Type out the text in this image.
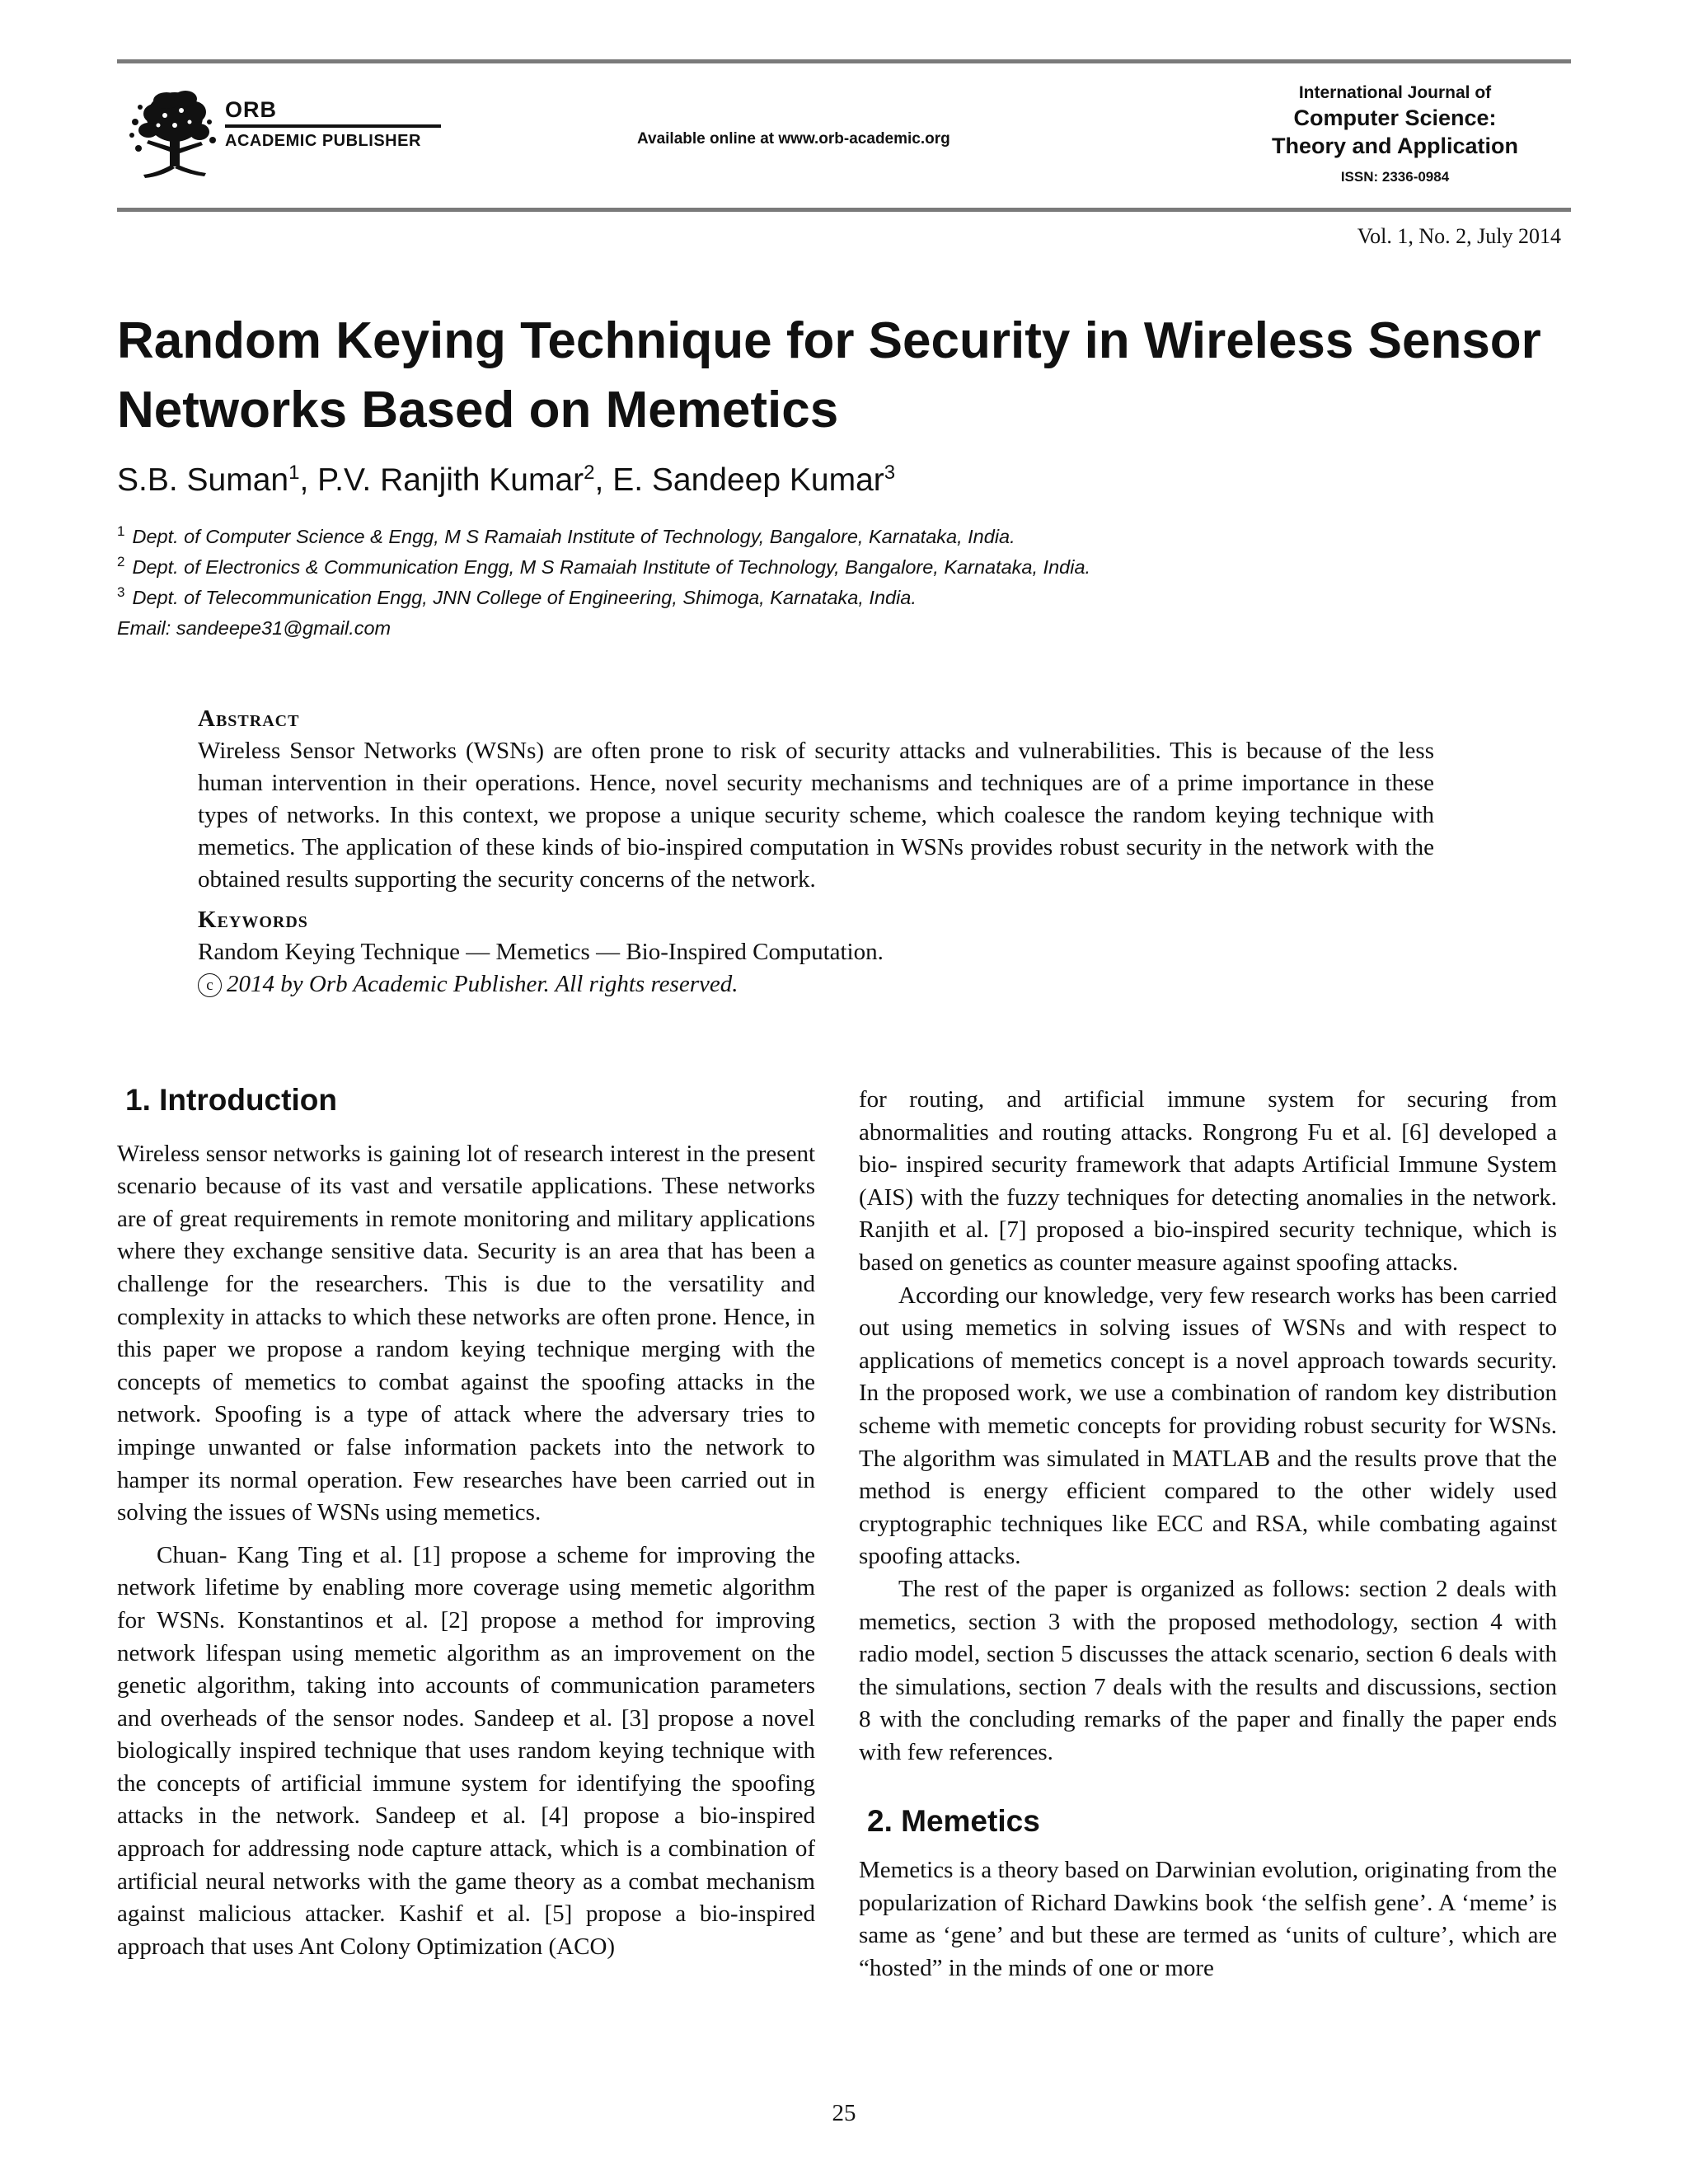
ORB
ACADEMIC PUBLISHER	Available online at www.orb-academic.org
International Journal of
Computer Science:
Theory and Application
ISSN: 2336-0984
Vol. 1, No. 2, July 2014
Random Keying Technique for Security in Wireless Sensor Networks Based on Memetics
S.B. Suman$^1$, P.V. Ranjith Kumar$^2$, E. Sandeep Kumar$^3$
$^1$ Dept. of Computer Science & Engg, M S Ramaiah Institute of Technology, Bangalore, Karnataka, India.
$^2$ Dept. of Electronics & Communication Engg, M S Ramaiah Institute of Technology, Bangalore, Karnataka, India.
$^3$ Dept. of Telecommunication Engg, JNN College of Engineering, Shimoga, Karnataka, India.
Email: sandeepe31@gmail.com
Abstract

Wireless Sensor Networks (WSNs) are often prone to risk of security attacks and vulnerabilities. This is because of the less human intervention in their operations. Hence, novel security mechanisms and techniques are of a prime importance in these types of networks. In this context, we propose a unique security scheme, which coalesce the random keying technique with memetics. The application of these kinds of bio-inspired computation in WSNs provides robust security in the network with the obtained results supporting the security concerns of the network.

Keywords

Random Keying Technique — Memetics — Bio-Inspired Computation.

c 2014 by Orb Academic Publisher. All rights reserved.

1. Introduction

Wireless sensor networks is gaining lot of research interest in the present scenario because of its vast and versatile applications. These networks are of great requirements in remote monitoring and military applications where they exchange sensitive data. Security is an area that has been a challenge for the researchers. This is due to the versatility and complexity in attacks to which these networks are often prone. Hence, in this paper we propose a random keying technique merging with the concepts of memetics to combat against the spoofing attacks in the network. Spoofing is a type of attack where the adversary tries to impinge unwanted or false information packets into the network to hamper its normal operation. Few researches have been carried out in solving the issues of WSNs using memetics.

Chuan- Kang Ting et al. [1] propose a scheme for improving the network lifetime by enabling more coverage using memetic algorithm for WSNs. Konstantinos et al. [2] propose a method for improving network lifespan using memetic algorithm as an improvement on the genetic algorithm, taking into accounts of communication parameters and overheads of the sensor nodes. Sandeep et al. [3] propose a novel biologically inspired technique that uses random keying technique with the concepts of artificial immune system for identifying the spoofing attacks in the network. Sandeep et al. [4] propose a bio-inspired approach for addressing node capture attack, which is a combination of artificial neural networks with the game theory as a combat mechanism against malicious attacker. Kashif et al. [5] propose a bio-inspired approach that uses Ant Colony Optimization (ACO)

for routing, and artificial immune system for securing from abnormalities and routing attacks. Rongrong Fu et al. [6] developed a bio- inspired security framework that adapts Artificial Immune System (AIS) with the fuzzy techniques for detecting anomalies in the network. Ranjith et al. [7] proposed a bio-inspired security technique, which is based on genetics as counter measure against spoofing attacks.

According our knowledge, very few research works has been carried out using memetics in solving issues of WSNs and with respect to applications of memetics concept is a novel approach towards security. In the proposed work, we use a combination of random key distribution scheme with memetic concepts for providing robust security for WSNs. The algorithm was simulated in MATLAB and the results prove that the method is energy efficient compared to the other widely used cryptographic techniques like ECC and RSA, while combating against spoofing attacks.

The rest of the paper is organized as follows: section 2 deals with memetics, section 3 with the proposed methodology, section 4 with radio model, section 5 discusses the attack scenario, section 6 deals with the simulations, section 7 deals with the results and discussions, section 8 with the concluding remarks of the paper and finally the paper ends with few references.

2. Memetics

Memetics is a theory based on Darwinian evolution, originating from the popularization of Richard Dawkins book ‘the selfish gene’. A ‘meme’ is same as ‘gene’ and but these are termed as ‘units of culture’, which are “hosted” in the minds of one or more

25
